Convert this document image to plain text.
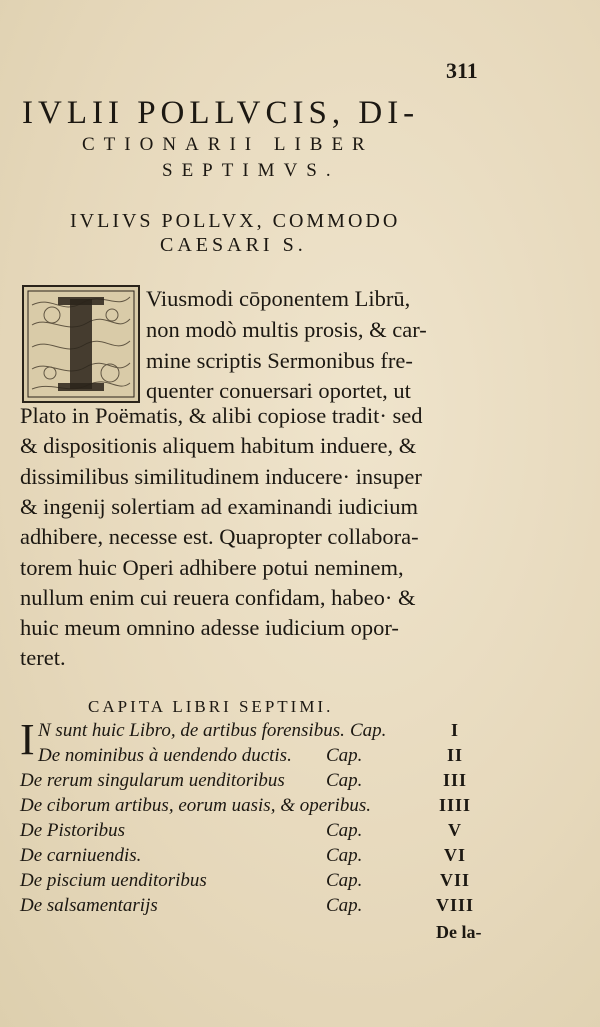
311
IVLII POLLVCIS, DI-
CTIONARII LIBER
SEPTIMVS.
IVLIVS POLLVX, COMMODO
CAESARI S.
Viusmodi cōponentem Librū,
non modò multis prosis, & car-
mine scriptis Sermonibus fre-
quenter conuersari oportet, ut
Plato in Poëmatis, & alibi copiose tradit· sed
& dispositionis aliquem habitum induere, &
dissimilibus similitudinem inducere· insuper
& ingenij solertiam ad examinandi iudicium
adhibere, necesse est. Quapropter collabora-
torem huic Operi adhibere potui neminem,
nullum enim cui reuera confidam, habeo· &
huic meum omnino adesse iudicium opor-
teret.
CAPITA LIBRI SEPTIMI.
I N sunt huic Libro, de artibus forensibus. Cap.	I
De nominibus à uendendo ductis. Cap.	II
De rerum singularum uenditoribus Cap.	III
De ciborum artibus, eorum uasis, & operibus.	IIII
De Pistoribus	Cap.	V
De carniuendis.	Cap.	VI
De piscium uenditoribus	Cap.	VII
De salsamentarijs	Cap.	VIII
De la-
